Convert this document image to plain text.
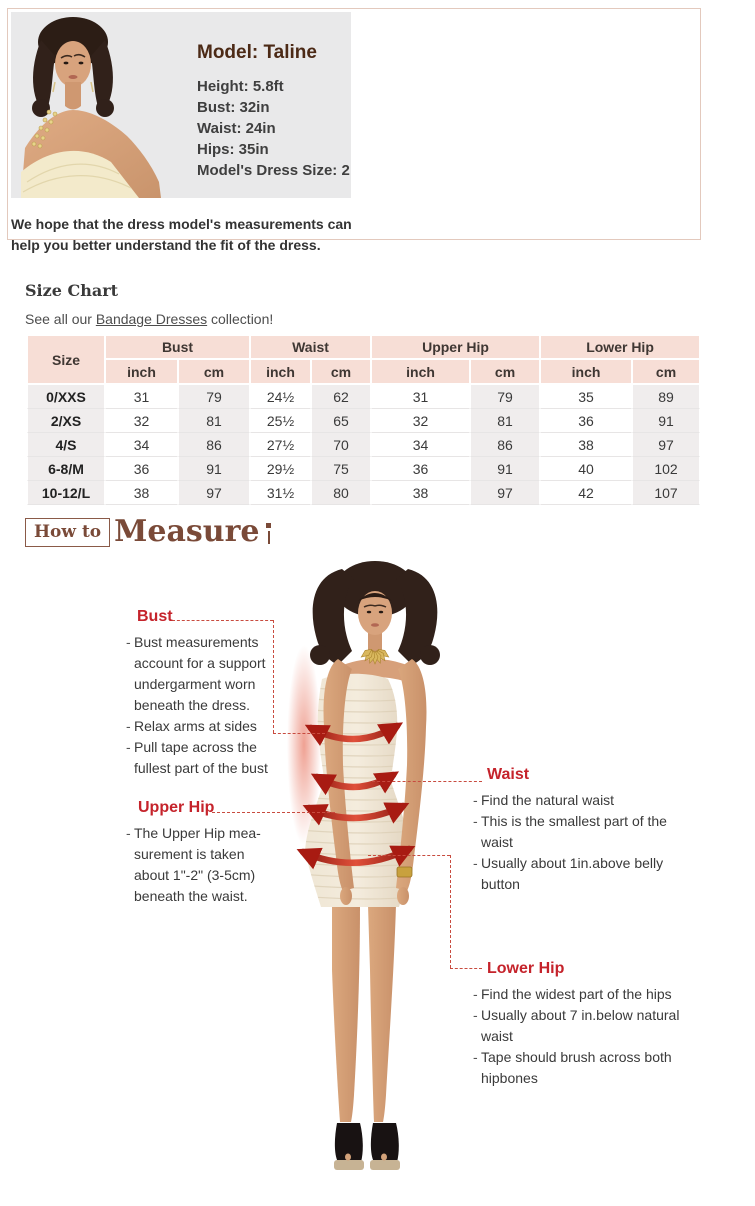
Model: Taline

Height: 5.8ft

Bust: 32in

Waist: 24in

Hips: 35in

Model's Dress Size: 2

We hope that the dress model's measurements can help you better understand the fit of the dress.

Size Chart

See all our Bandage Dresses collection!

Size	Bust		Waist		Upper Hip		Lower Hip	
	inch	cm	inch	cm	inch	cm	inch	cm
0/XXS	31	79	24½	62	31	79	35	89
2/XS	32	81	25½	65	32	81	36	91
4/S	34	86	27½	70	34	86	38	97
6-8/M	36	91	29½	75	36	91	40	102
10-12/L	38	97	31½	80	38	97	42	107
How to Measure
Bust
- Bust measurements account for a support undergarment worn beneath the dress.
- Relax arms at sides
- Pull tape across the fullest part of the bust
Upper Hip
- The Upper Hip mea-surement is taken about 1"-2" (3-5cm) beneath the waist.
Waist
- Find the natural waist
- This is the smallest part of the waist
- Usually about 1in.above belly button
Lower Hip
- Find the widest part of the hips
- Usually about 7 in.below natural waist
- Tape should brush across both hipbones
